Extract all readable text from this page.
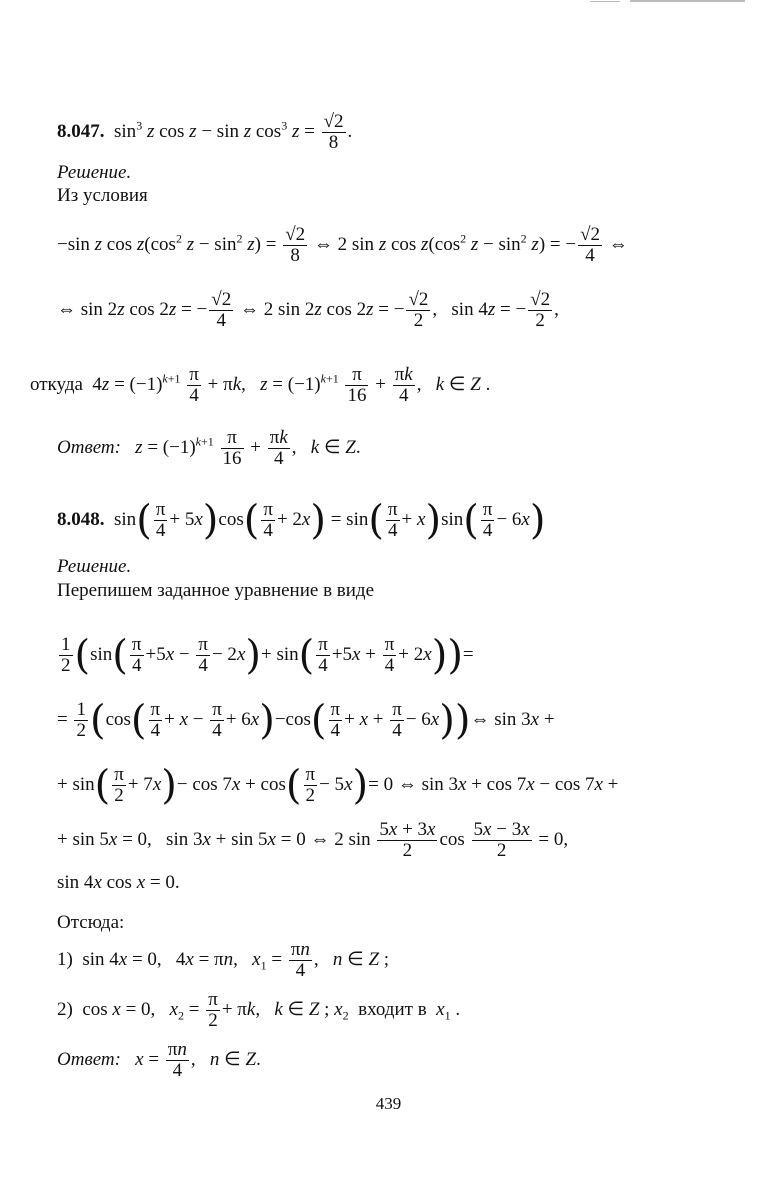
8.047.  $\sin^3 z$ cos z − sin z $\cos^3 z = \frac{√2}{8}$ .
Решение.
Из условия
−sin z $\cos z(\cos^2$ $z - \sin^2 z) = \frac{√2}{8}$ ⇔ 2 sin z $\cos z(\cos^2$ $z - \sin^2 z$) = − $\frac{√2}{4}$ ⇔
⇔ sin 2z cos 2z = − $\frac{√2}{4}$ ⇔ 2 sin 2z cos 2z = − $\frac{√2}{2}$ ,   sin 4z = − $\frac{√2}{2}$ ,
откуда  $4z = (-1)^{k+1} \frac{\pi}{4} + \pi k$,   $z = (-1)^{k+1} \frac{\pi}{16} + \frac{\pi k}{4}$ ,   k ∈ Z .
Ответ: $z = (-1)^{k+1} \frac{\pi}{16} + \frac{\pi k}{4}$ ,   k ∈ Z.
8.048.  $\sin( \frac{\pi}{4} + 5x)\cos( \frac{\pi}{4} + 2x) = \sin( \frac{\pi}{4} + x)\sin( \frac{\pi}{4} - 6x)$
Решение.
Перепишем заданное уравнение в виде
$\frac{1}{2} (\sin( \frac{\pi}{4} +5x - \frac{\pi}{4} - 2x)+ \sin( \frac{\pi}{4} +5x + \frac{\pi}{4} + 2x))=$
= $\frac{1}{2} (\cos( \frac{\pi}{4} + x - \frac{\pi}{4} + 6x)-\cos( \frac{\pi}{4} + x + \frac{\pi}{4}$ − 6x))⇔ sin 3x +
+ $\sin( \frac{\pi}{2} + 7x)- \cos 7x + \cos( \frac{\pi}{2} - 5x)= 0$ ⇔ sin 3x + cos 7x − cos 7x +
+ sin 5x = 0,   sin 3x + sin 5x = 0 ⇔ 2 $\sin \frac{5x + 3x}{2}$ $\cos \frac{5x - 3x}{2} = 0$,
sin 4x cos x = 0.
Отсюда:
1)  sin 4x = 0,   4x = πn,   $x_1 = \frac{\pi n}{4}$ ,   n ∈ Z ;
2)  cos x = 0,   $x_2 = \frac{\pi}{2} + \pi k$,   k ∈ Z ; $x_2$  входит в  $x_1$ .
Ответ: $x = \frac{\pi n}{4}$ ,   n ∈ Z.
439
